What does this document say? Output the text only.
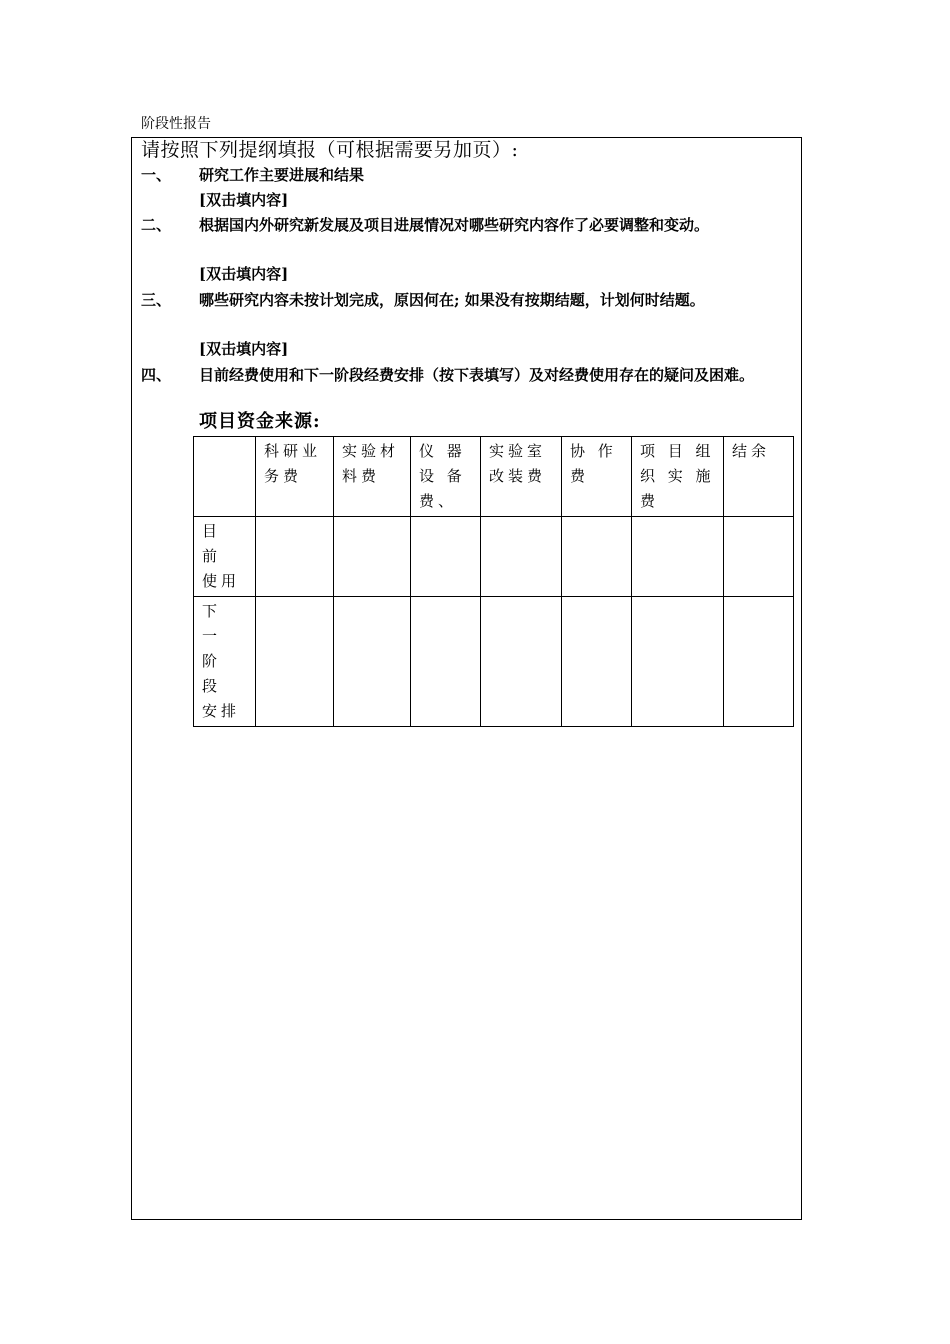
阶段性报告
请按照下列提纲填报（可根据需要另加页）:
一、 研究工作主要进展和结果
[双击填内容]
二、 根据国内外研究新发展及项目进展情况对哪些研究内容作了必要调整和变动。
[双击填内容]
三、 哪些研究内容未按计划完成，原因何在; 如果没有按期结题，计划何时结题。
[双击填内容]
四、 目前经费使用和下一阶段经费安排（按下表填写）及对经费使用存在的疑问及困难。
项目资金来源:
	科研业务费	实验材料费	仪 器 设 备 费、	实验室改装费	协 作 费	项 目 组 织 实 施 费	结余
目 前 使用							
下 一 阶 段 安排							
